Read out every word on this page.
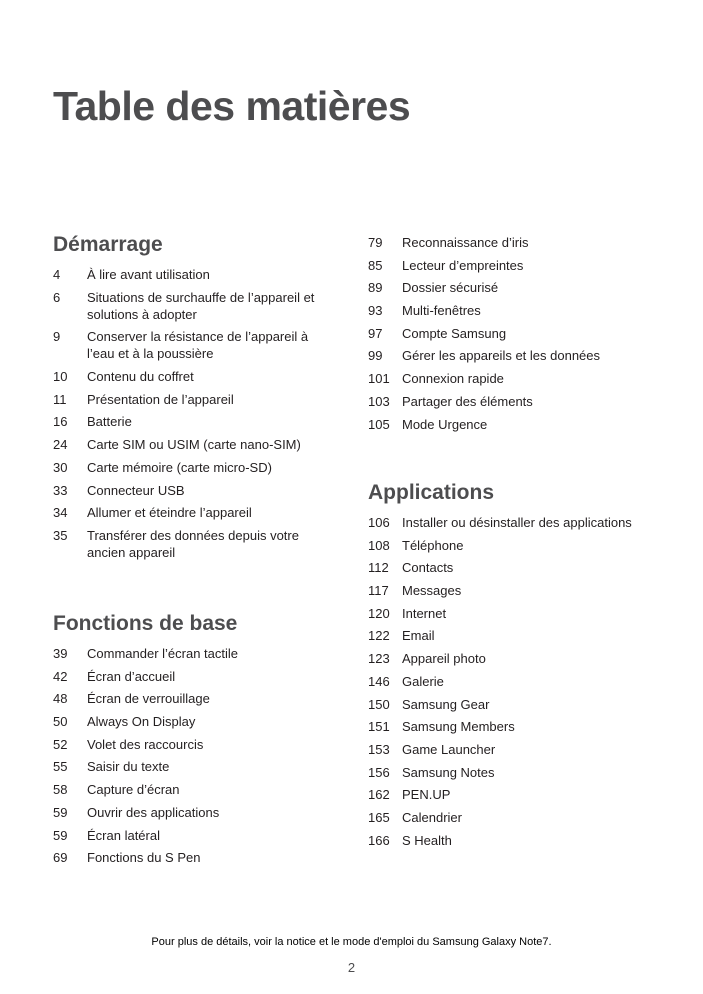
Table des matières
Démarrage
4	À lire avant utilisation
6	Situations de surchauffe de l’appareil et solutions à adopter
9	Conserver la résistance de l’appareil à l’eau et à la poussière
10	Contenu du coffret
11	Présentation de l’appareil
16	Batterie
24	Carte SIM ou USIM (carte nano-SIM)
30	Carte mémoire (carte micro-SD)
33	Connecteur USB
34	Allumer et éteindre l’appareil
35	Transférer des données depuis votre ancien appareil
Fonctions de base
39	Commander l’écran tactile
42	Écran d’accueil
48	Écran de verrouillage
50	Always On Display
52	Volet des raccourcis
55	Saisir du texte
58	Capture d’écran
59	Ouvrir des applications
59	Écran latéral
69	Fonctions du S Pen
79	Reconnaissance d’iris
85	Lecteur d’empreintes
89	Dossier sécurisé
93	Multi-fenêtres
97	Compte Samsung
99	Gérer les appareils et les données
101 Connexion rapide
103 Partager des éléments
105 Mode Urgence
Applications
106 Installer ou désinstaller des applications
108 Téléphone
112	Contacts
117	Messages
120 Internet
122 Email
123 Appareil photo
146 Galerie
150 Samsung Gear
151 Samsung Members
153 Game Launcher
156 Samsung Notes
162 PEN.UP
165 Calendrier
166 S Health
Pour plus de détails, voir la notice et le mode d'emploi du Samsung Galaxy Note7.
2
